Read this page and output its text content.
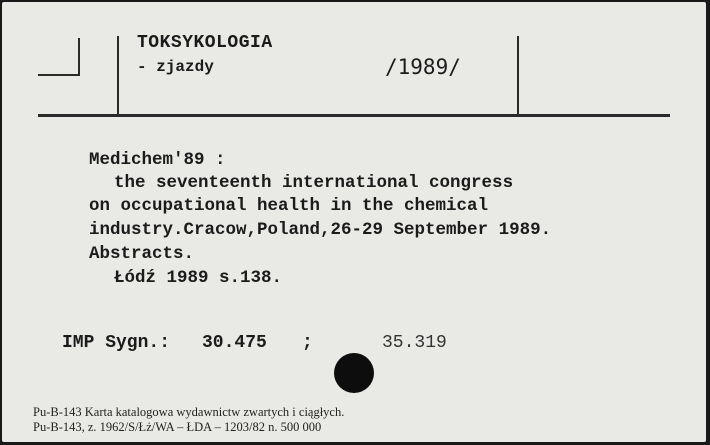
TOKSYKOLOGIA
- zjazdy	/1989/
Medichem'89 :
the seventeenth international congress
on occupational health in the chemical
industry.Cracow,Poland,26-29 September 1989.
Abstracts.
Łódź 1989 s.138.
IMP Sygn.: 30.475 ;	35.319
Pu-B-143 Karta katalogowa wydawnictw zwartych i ciągłych.
Pu-B-143, z. 1962/S/Łż/WA – ŁDA – 1203/82 n. 500 000
